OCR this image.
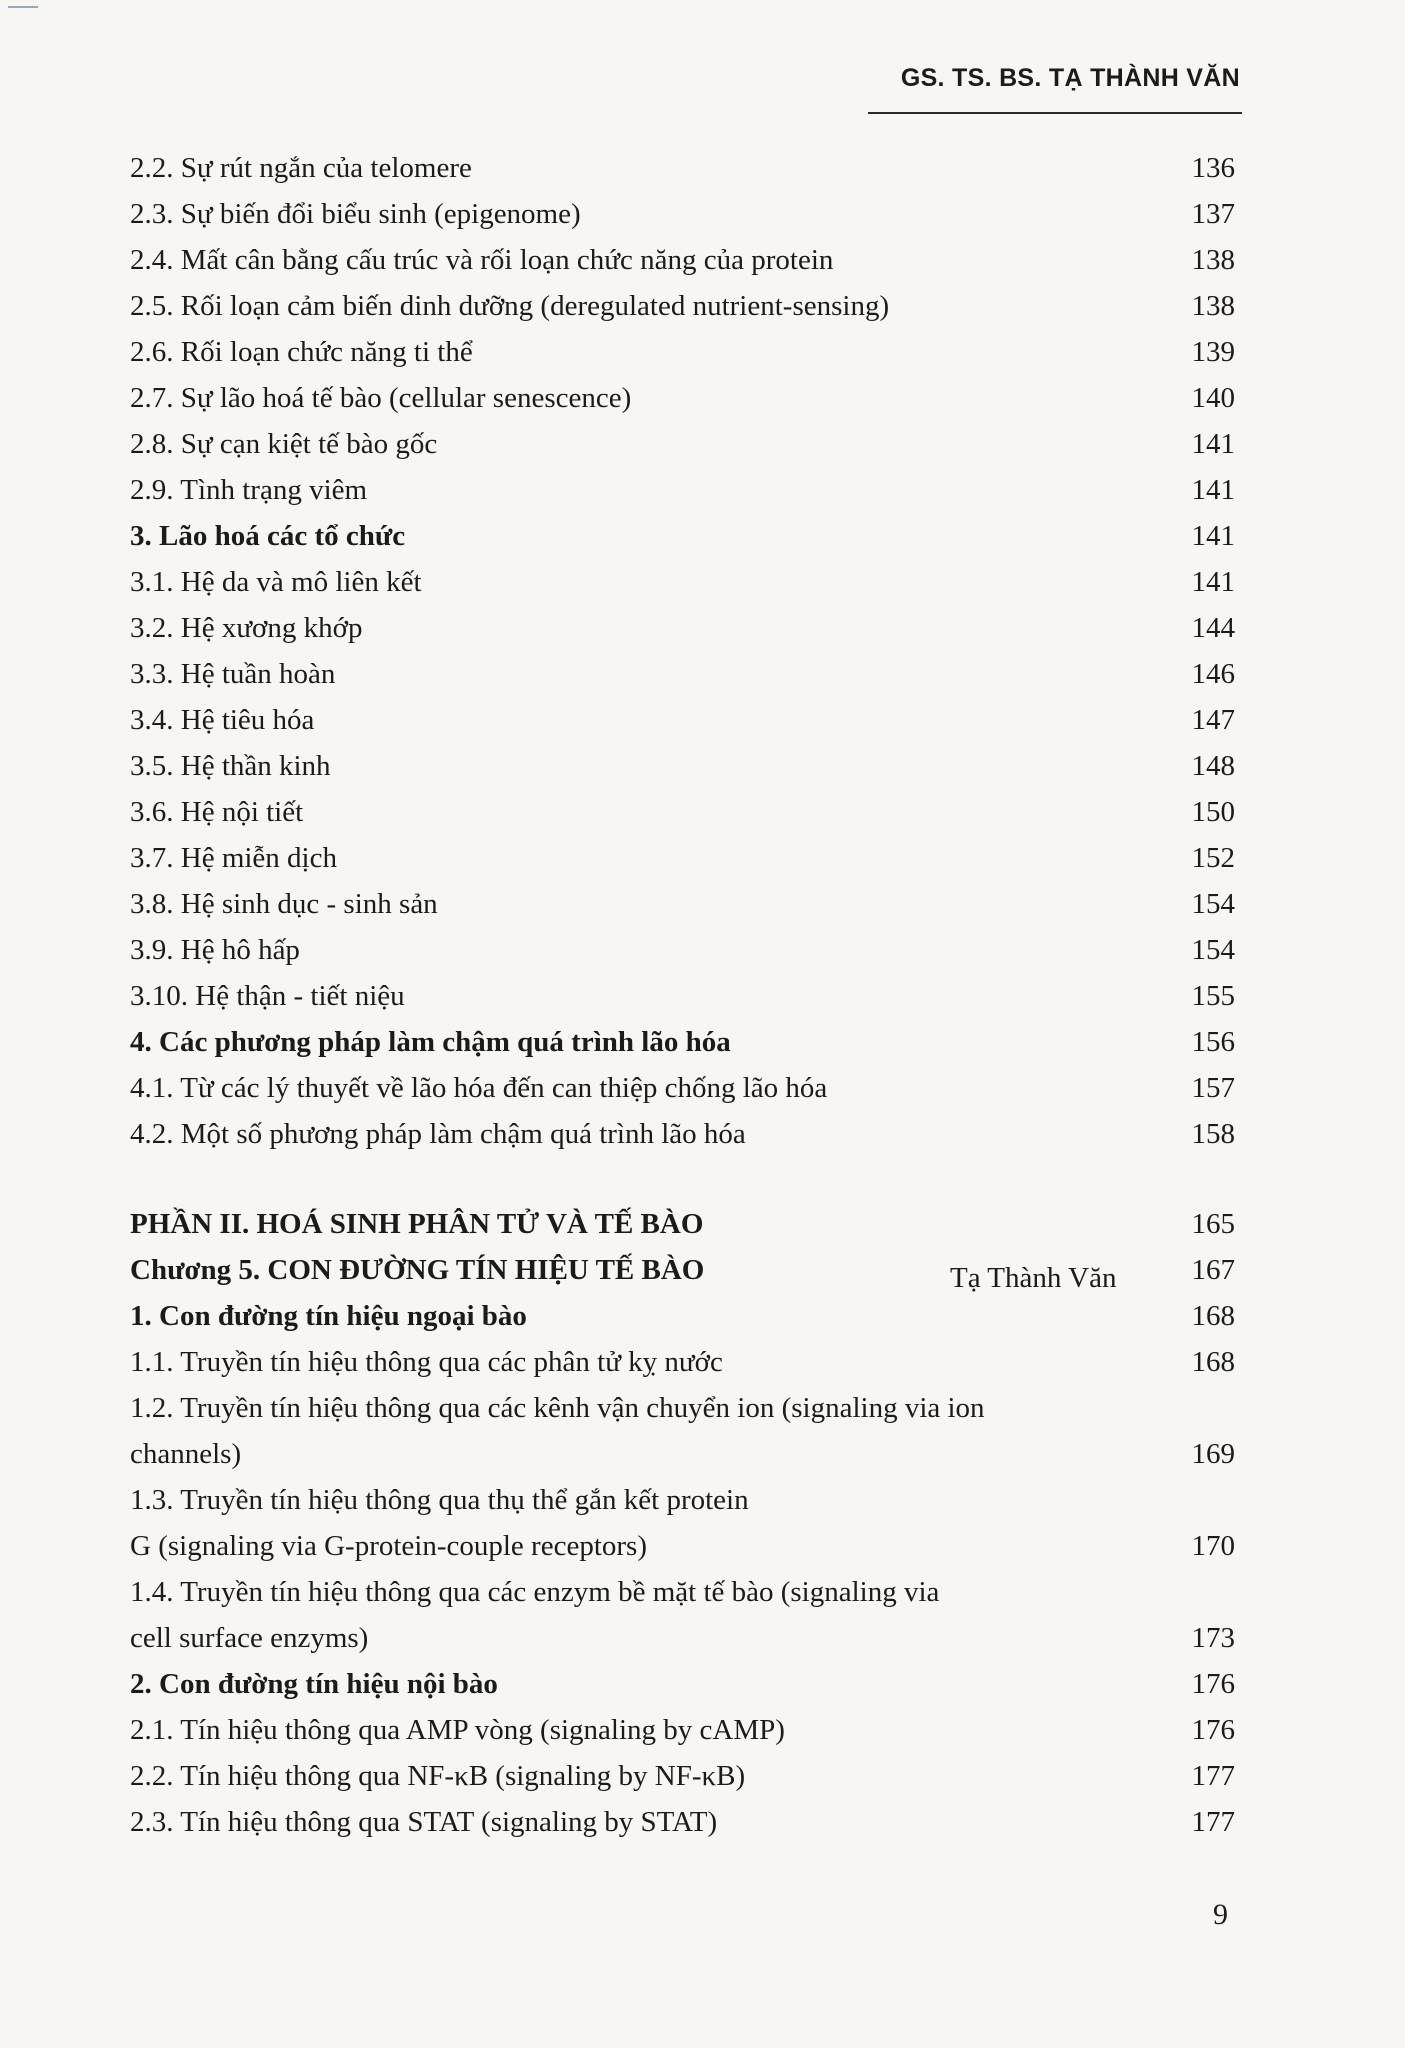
GS. TS. BS. TẠ THÀNH VĂN
2.2. Sự rút ngắn của telomere	136
2.3. Sự biến đổi biểu sinh (epigenome)	137
2.4. Mất cân bằng cấu trúc và rối loạn chức năng của protein	138
2.5. Rối loạn cảm biến dinh dưỡng (deregulated nutrient-sensing)	138
2.6. Rối loạn chức năng ti thể	139
2.7. Sự lão hoá tế bào (cellular senescence)	140
2.8. Sự cạn kiệt tế bào gốc	141
2.9. Tình trạng viêm	141
3. Lão hoá các tổ chức	141
3.1. Hệ da và mô liên kết	141
3.2. Hệ xương khớp	144
3.3. Hệ tuần hoàn	146
3.4. Hệ tiêu hóa	147
3.5. Hệ thần kinh	148
3.6. Hệ nội tiết	150
3.7. Hệ miễn dịch	152
3.8. Hệ sinh dục - sinh sản	154
3.9. Hệ hô hấp	154
3.10. Hệ thận - tiết niệu	155
4. Các phương pháp làm chậm quá trình lão hóa	156
4.1. Từ các lý thuyết về lão hóa đến can thiệp chống lão hóa	157
4.2. Một số phương pháp làm chậm quá trình lão hóa	158
PHẦN II. HOÁ SINH PHÂN TỬ VÀ TẾ BÀO	165
Chương 5. CON ĐƯỜNG TÍN HIỆU TẾ BÀO	Tạ Thành Văn	167
1. Con đường tín hiệu ngoại bào	168
1.1. Truyền tín hiệu thông qua các phân tử kỵ nước	168
1.2. Truyền tín hiệu thông qua các kênh vận chuyển ion (signaling via ion
channels)	169
1.3. Truyền tín hiệu thông qua thụ thể gắn kết protein
G (signaling via G-protein-couple receptors)	170
1.4. Truyền tín hiệu thông qua các enzym bề mặt tế bào (signaling via
cell surface enzyms)	173
2. Con đường tín hiệu nội bào	176
2.1. Tín hiệu thông qua AMP vòng (signaling by cAMP)	176
2.2. Tín hiệu thông qua NF-κB (signaling by NF-κB)	177
2.3. Tín hiệu thông qua STAT (signaling by STAT)	177
9
